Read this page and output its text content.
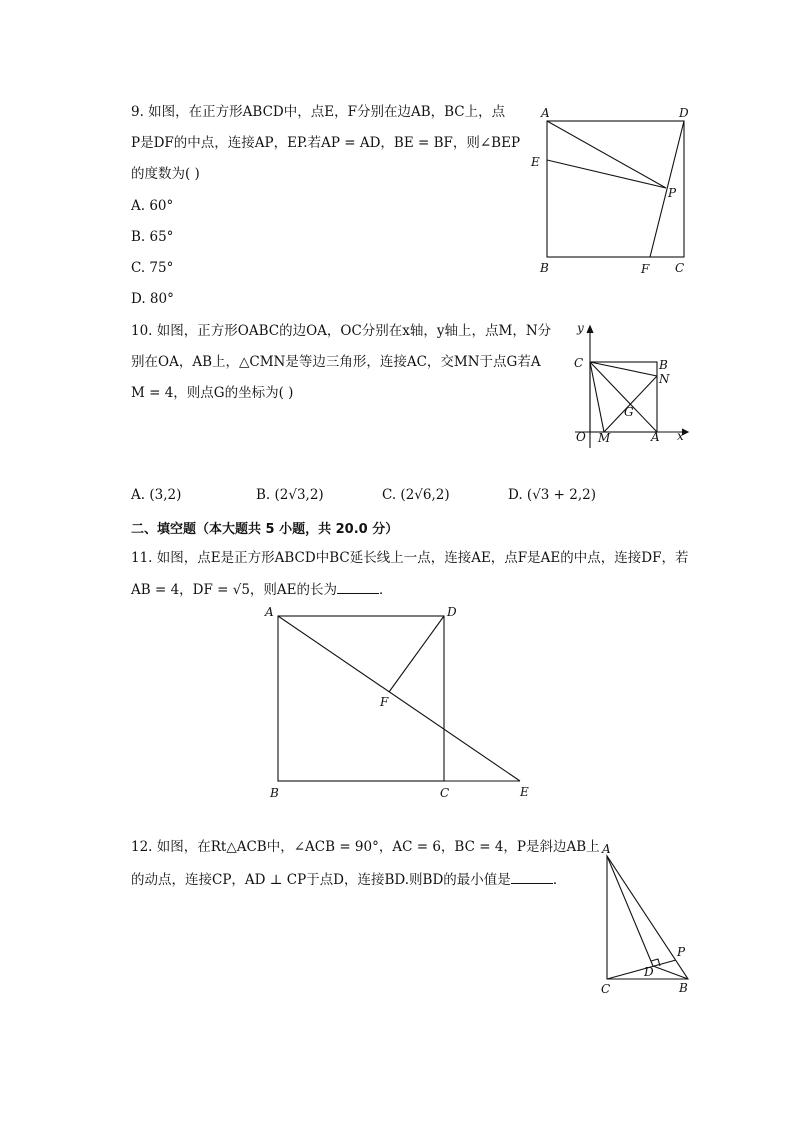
9. 如图，在正方形ABCD中，点E，F分别在边AB，BC上，点
P是DF的中点，连接AP，EP.若AP = AD，BE = BF，则∠BEP
的度数为( )
A. 60°
B. 65°
C. 75°
D. 80°
A	D
E
P
B	F C
10. 如图，正方形OABC的边OA，OC分别在x轴，y轴上，点M，N分
别在OA，AB上，△CMN是等边三角形，连接AC，交MN于点G若A
M = 4，则点G的坐标为( )
y
x
O M	A
C	B
N
G
A. (3,2)	B. (2√3,2)	C. (2√6,2)	D. (√3 + 2,2)
二、填空题（本大题共 5 小题，共 20.0 分）
11. 如图，点E是正方形ABCD中BC延长线上一点，连接AE，点F是AE的中点，连接DF，若
AB = 4，DF = √5，则AE的长为	．
A	D
F
B	C	E
12. 如图，在Rt△ACB中，∠ACB = 90°，AC = 6，BC = 4，P是斜边AB上
的动点，连接CP，AD ⊥ CP于点D，连接BD.则BD的最小值是	．
A
P
D
C	B
